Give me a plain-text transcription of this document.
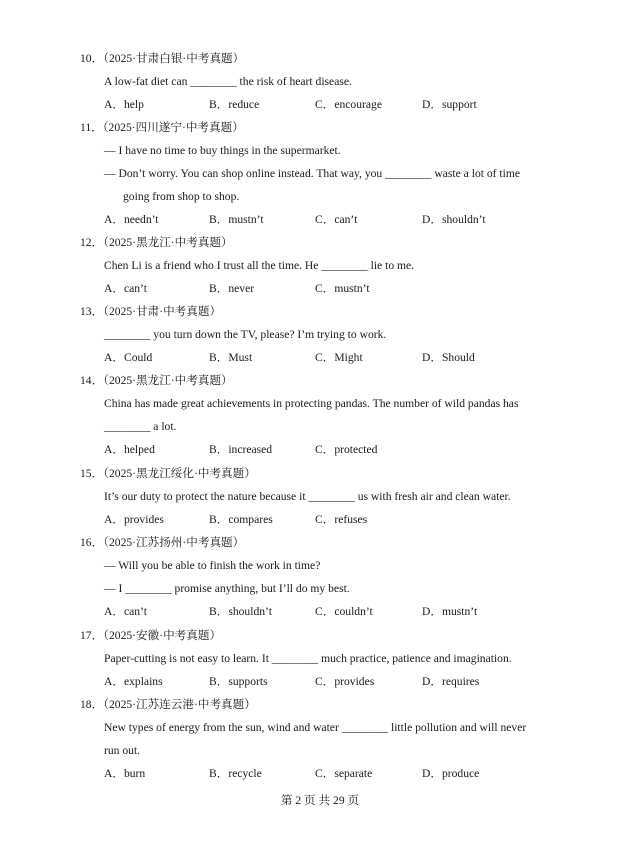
10．（2025·甘肃白银·中考真题）
A low-fat diet can ________ the risk of heart disease.
A．help	B．reduce	C．encourage	D．support
11．（2025·四川遂宁·中考真题）
— I have no time to buy things in the supermarket.
— Don’t worry. You can shop online instead. That way, you ________ waste a lot of time
going from shop to shop.
A．needn’t	B．mustn’t	C．can’t	D．shouldn’t
12．（2025·黑龙江·中考真题）
Chen Li is a friend who I trust all the time. He ________ lie to me.
A．can’t	B．never	C．mustn’t
13．（2025·甘肃·中考真题）
________ you turn down the TV, please? I’m trying to work.
A．Could	B．Must	C．Might	D．Should
14．（2025·黑龙江·中考真题）
China has made great achievements in protecting pandas. The number of wild pandas has
________ a lot.
A．helped	B．increased	C．protected
15．（2025·黑龙江绥化·中考真题）
It’s our duty to protect the nature because it ________ us with fresh air and clean water.
A．provides	B．compares	C．refuses
16．（2025·江苏扬州·中考真题）
— Will you be able to finish the work in time?
— I ________ promise anything, but I’ll do my best.
A．can’t	B．shouldn’t	C．couldn’t	D．mustn’t
17．（2025·安徽·中考真题）
Paper-cutting is not easy to learn. It ________ much practice, patience and imagination.
A．explains	B．supports	C．provides	D．requires
18．（2025·江苏连云港·中考真题）
New types of energy from the sun, wind and water ________ little pollution and will never
run out.
A．burn	B．recycle	C．separate	D．produce
第 2 页 共 29 页
